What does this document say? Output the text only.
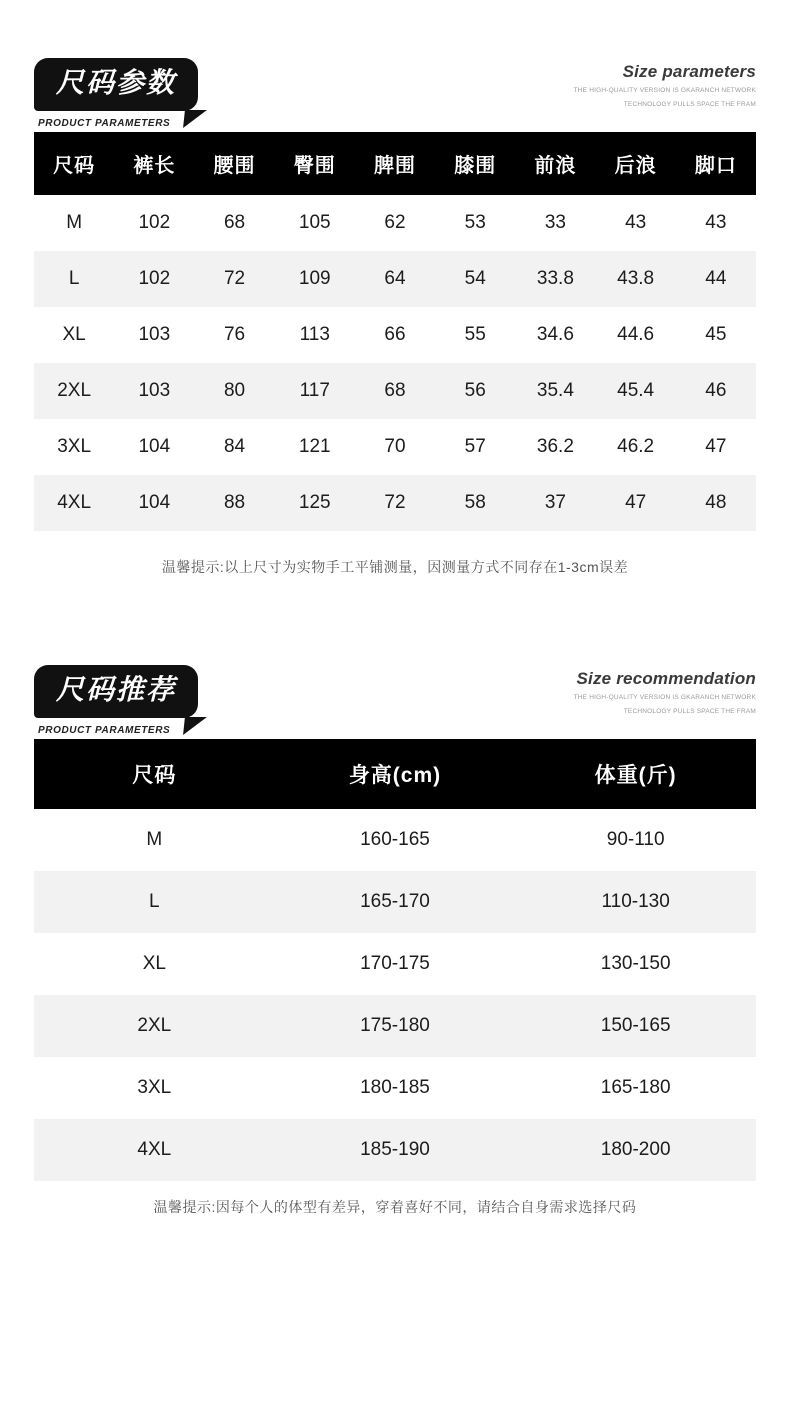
尺码参数
PRODUCT PARAMETERS
Size parameters
THE HIGH-QUALITY VERSION IS GKARANCH NETWORK
TECHNOLOGY PULLS SPACE THE FRAM
尺码	裤长	腰围	臀围	脾围	膝围	前浪	后浪	脚口
M	102	68	105	62	53	33	43	43
L	102	72	109	64	54	33.8	43.8	44
XL	103	76	113	66	55	34.6	44.6	45
2XL	103	80	117	68	56	35.4	45.4	46
3XL	104	84	121	70	57	36.2	46.2	47
4XL	104	88	125	72	58	37	47	48
温馨提示:以上尺寸为实物手工平铺测量，因测量方式不同存在1-3cm误差
尺码推荐
PRODUCT PARAMETERS
Size recommendation
THE HIGH-QUALITY VERSION IS GKARANCH NETWORK
TECHNOLOGY PULLS SPACE THE FRAM
尺码	身高(cm)	体重(斤)
M	160-165	90-110
L	165-170	110-130
XL	170-175	130-150
2XL	175-180	150-165
3XL	180-185	165-180
4XL	185-190	180-200
温馨提示:因每个人的体型有差异，穿着喜好不同，请结合自身需求选择尺码
